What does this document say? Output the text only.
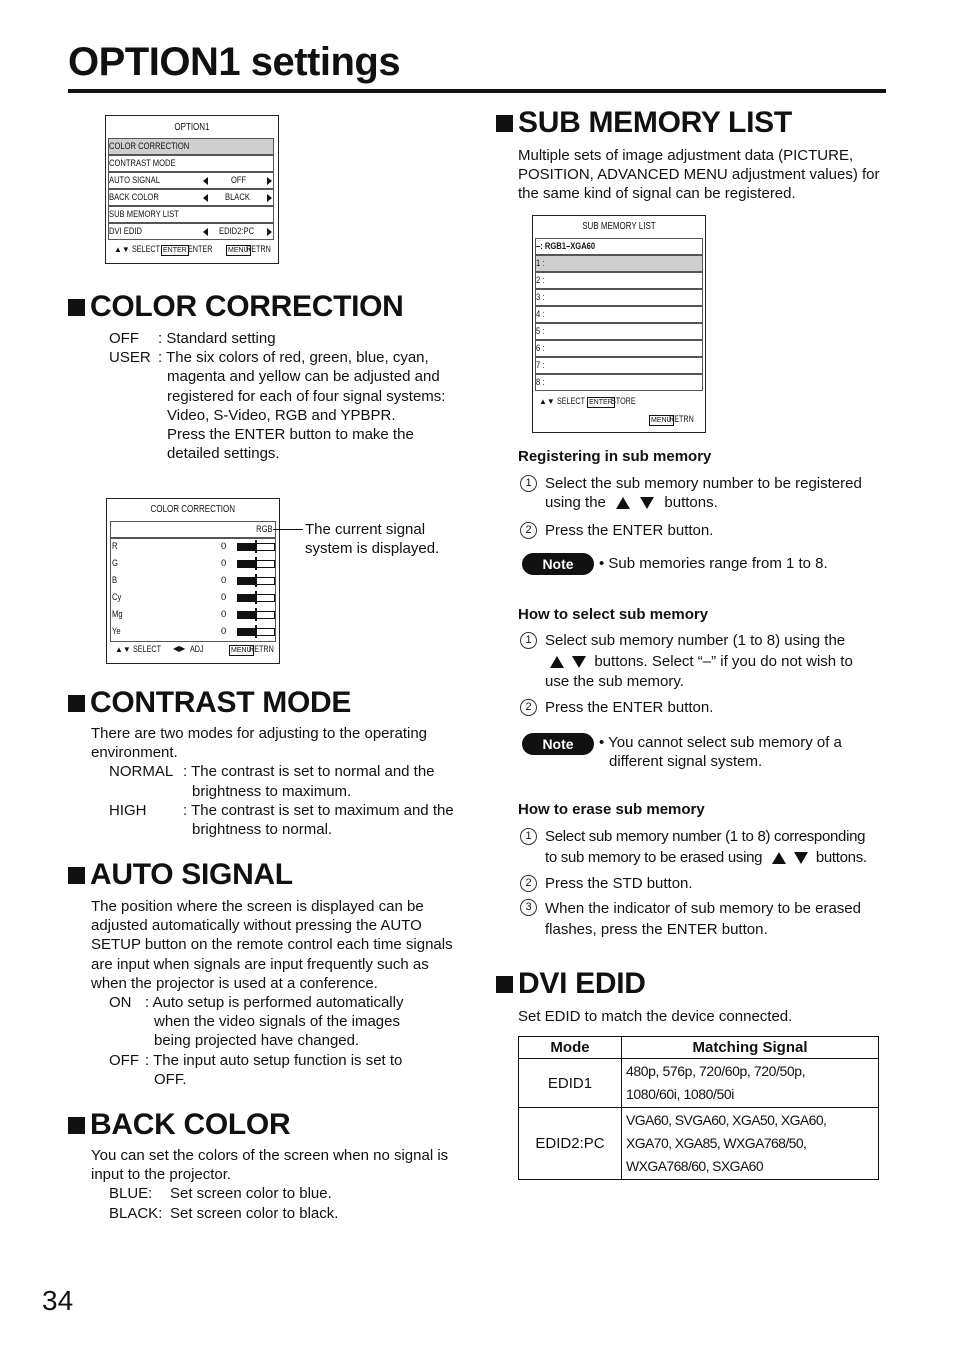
OPTION1 settings
OPTION1
COLOR CORRECTION
CONTRAST MODE
AUTO SIGNAL	OFF
BACK COLOR	BLACK
SUB MEMORY LIST
DVI EDID	EDID2:PC
▲▼ SELECT ENTER ENTER MENU
RETRN
COLOR CORRECTION
OFF	: Standard setting
USER : The six colors of red, green, blue, cyan, magenta and yellow can be adjusted and registered for each of four signal systems: Video, S-Video, RGB and YPBPR.
Press the ENTER button to make the detailed settings.
COLOR CORRECTION
RGB
▲▼ SELECT ◀▶ ADJ	MENU
RETRN
R	0
G	0
B	0
Cy	0
Mg	0
Ye	0
The current signal system is displayed.
CONTRAST MODE
There are two modes for adjusting to the operating environment.
NORMAL : The contrast is set to normal and the brightness to maximum.
HIGH	: The contrast is set to maximum and the brightness to normal.
AUTO SIGNAL
The position where the screen is displayed can be adjusted automatically without pressing the AUTO SETUP button on the remote control each time signals are input when signals are input frequently such as when the projector is used at a conference.
ON : Auto setup is performed automatically when the video signals of the images being projected have changed.
OFF : The input auto setup function is set to OFF.
BACK COLOR
You can set the colors of the screen when no signal is input to the projector.
BLUE:	Set screen color to blue.
BLACK: Set screen color to black.
34
SUB MEMORY LIST
Multiple sets of image adjustment data (PICTURE, POSITION, ADVANCED MENU adjustment values) for the same kind of signal can be registered.
SUB MEMORY LIST
–: RGB1–XGA60
▲▼ SELECT ENTER
STORE
MENU
RETRN
1 :
2 :
3 :
4 :
5 :
6 :
7 :
8 :
Registering in sub memory
1 Select the sub memory number to be registered using the	buttons.
2 Press the ENTER button.
Note	• Sub memories range from 1 to 8.
How to select sub memory
1 Select sub memory number (1 to 8) using the
buttons. Select “–” if you do not wish to
use the sub memory.
2 Press the ENTER button.
Note	• You cannot select sub memory of a different signal system.
How to erase sub memory
1 Select sub memory number (1 to 8) corresponding
to sub memory to be erased using	buttons.
2 Press the STD button.
3 When the indicator of sub memory to be erased flashes, press the ENTER button.
DVI EDID
Set EDID to match the device connected.
Mode	Matching Signal
EDID1	480p, 576p, 720/60p, 720/50p,
1080/60i, 1080/50i

EDID2:PC	VGA60, SVGA60, XGA50, XGA60,
XGA70, XGA85, WXGA768/50,
WXGA768/60, SXGA60
